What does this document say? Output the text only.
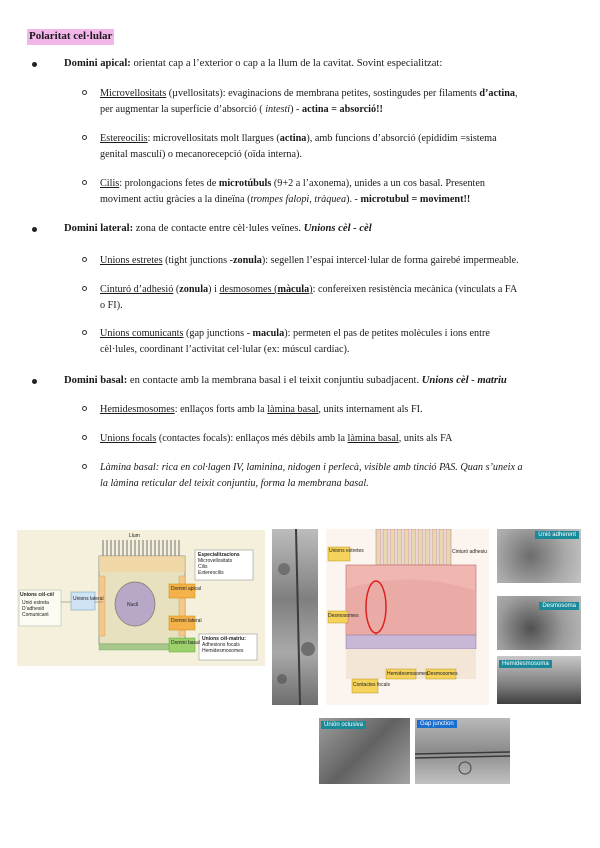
Polaritat cel·lular
Domini apical: orientat cap a l’exterior o cap a la llum de la cavitat. Sovint especialitzat:
Microvellositats (µvellositats): evaginacions de membrana petites, sostingudes per filaments d’actina,
per augmentar la superfície d’absorció ( intesti) - actina = absorció!!
Estereocilis: microvellositats molt llargues (actina), amb funcions d’absorció (epidídim =sistema
genital masculí) o mecanorecepció (oïda interna).
Cilis: prolongacions fetes de microtúbuls (9+2 a l’axonema), unides a un cos basal. Presenten
moviment actiu gràcies a la dineïna (trompes falopi, tràquea). - microtubul = moviment!!
Domini lateral: zona de contacte entre cèl·lules veïnes. Unions cèl - cèl
Unions estretes (tight junctions -zonula): segellen l’espai intercel·lular de forma gairebé impermeable.
Cinturó d’adhesió (zonula) i desmosomes (màcula): confereixen resistència mecànica (vinculats a FA
o FI).
Unions comunicants (gap junctions - macula): permeten el pas de petites molècules i ions entre
cèl·lules, coordinant l’activitat cel·lular (ex: múscul cardíac).
Domini basal: en contacte amb la membrana basal i el teixit conjuntiu subadjacent. Unions cèl - matriu
Hemidesmosomes: enllaços forts amb la làmina basal, units internament als FI.
Unions focals (contactes focals): enllaços més dèbils amb la làmina basal, units als FA
Làmina basal: rica en col·lagen IV, laminina, nidogen i perlecà, visible amb tinció PAS. Quan s’uneix a
la làmina reticular del teixit conjuntiu, forma la membrana basal.
Llum
Unions cèl-cèl
Unió estreta
D’adhesió
Comunicant
Unions lateral
Nucli
Especialitzacions
Microvellositats
Cilis
Estereocilis
Domini apical
Domini lateral
Domini basal
Unions cèl-matriu:
Adhesions focals
Hemidesmosomes
Unions estretes	Cinturó adhesiu
Desmosomes
Hemidesmosomes
Desmosomes
Contactes focals
Unió adherent
Desmosoma
Hemidesmosoma
Unión oclusiva	Gap junction
